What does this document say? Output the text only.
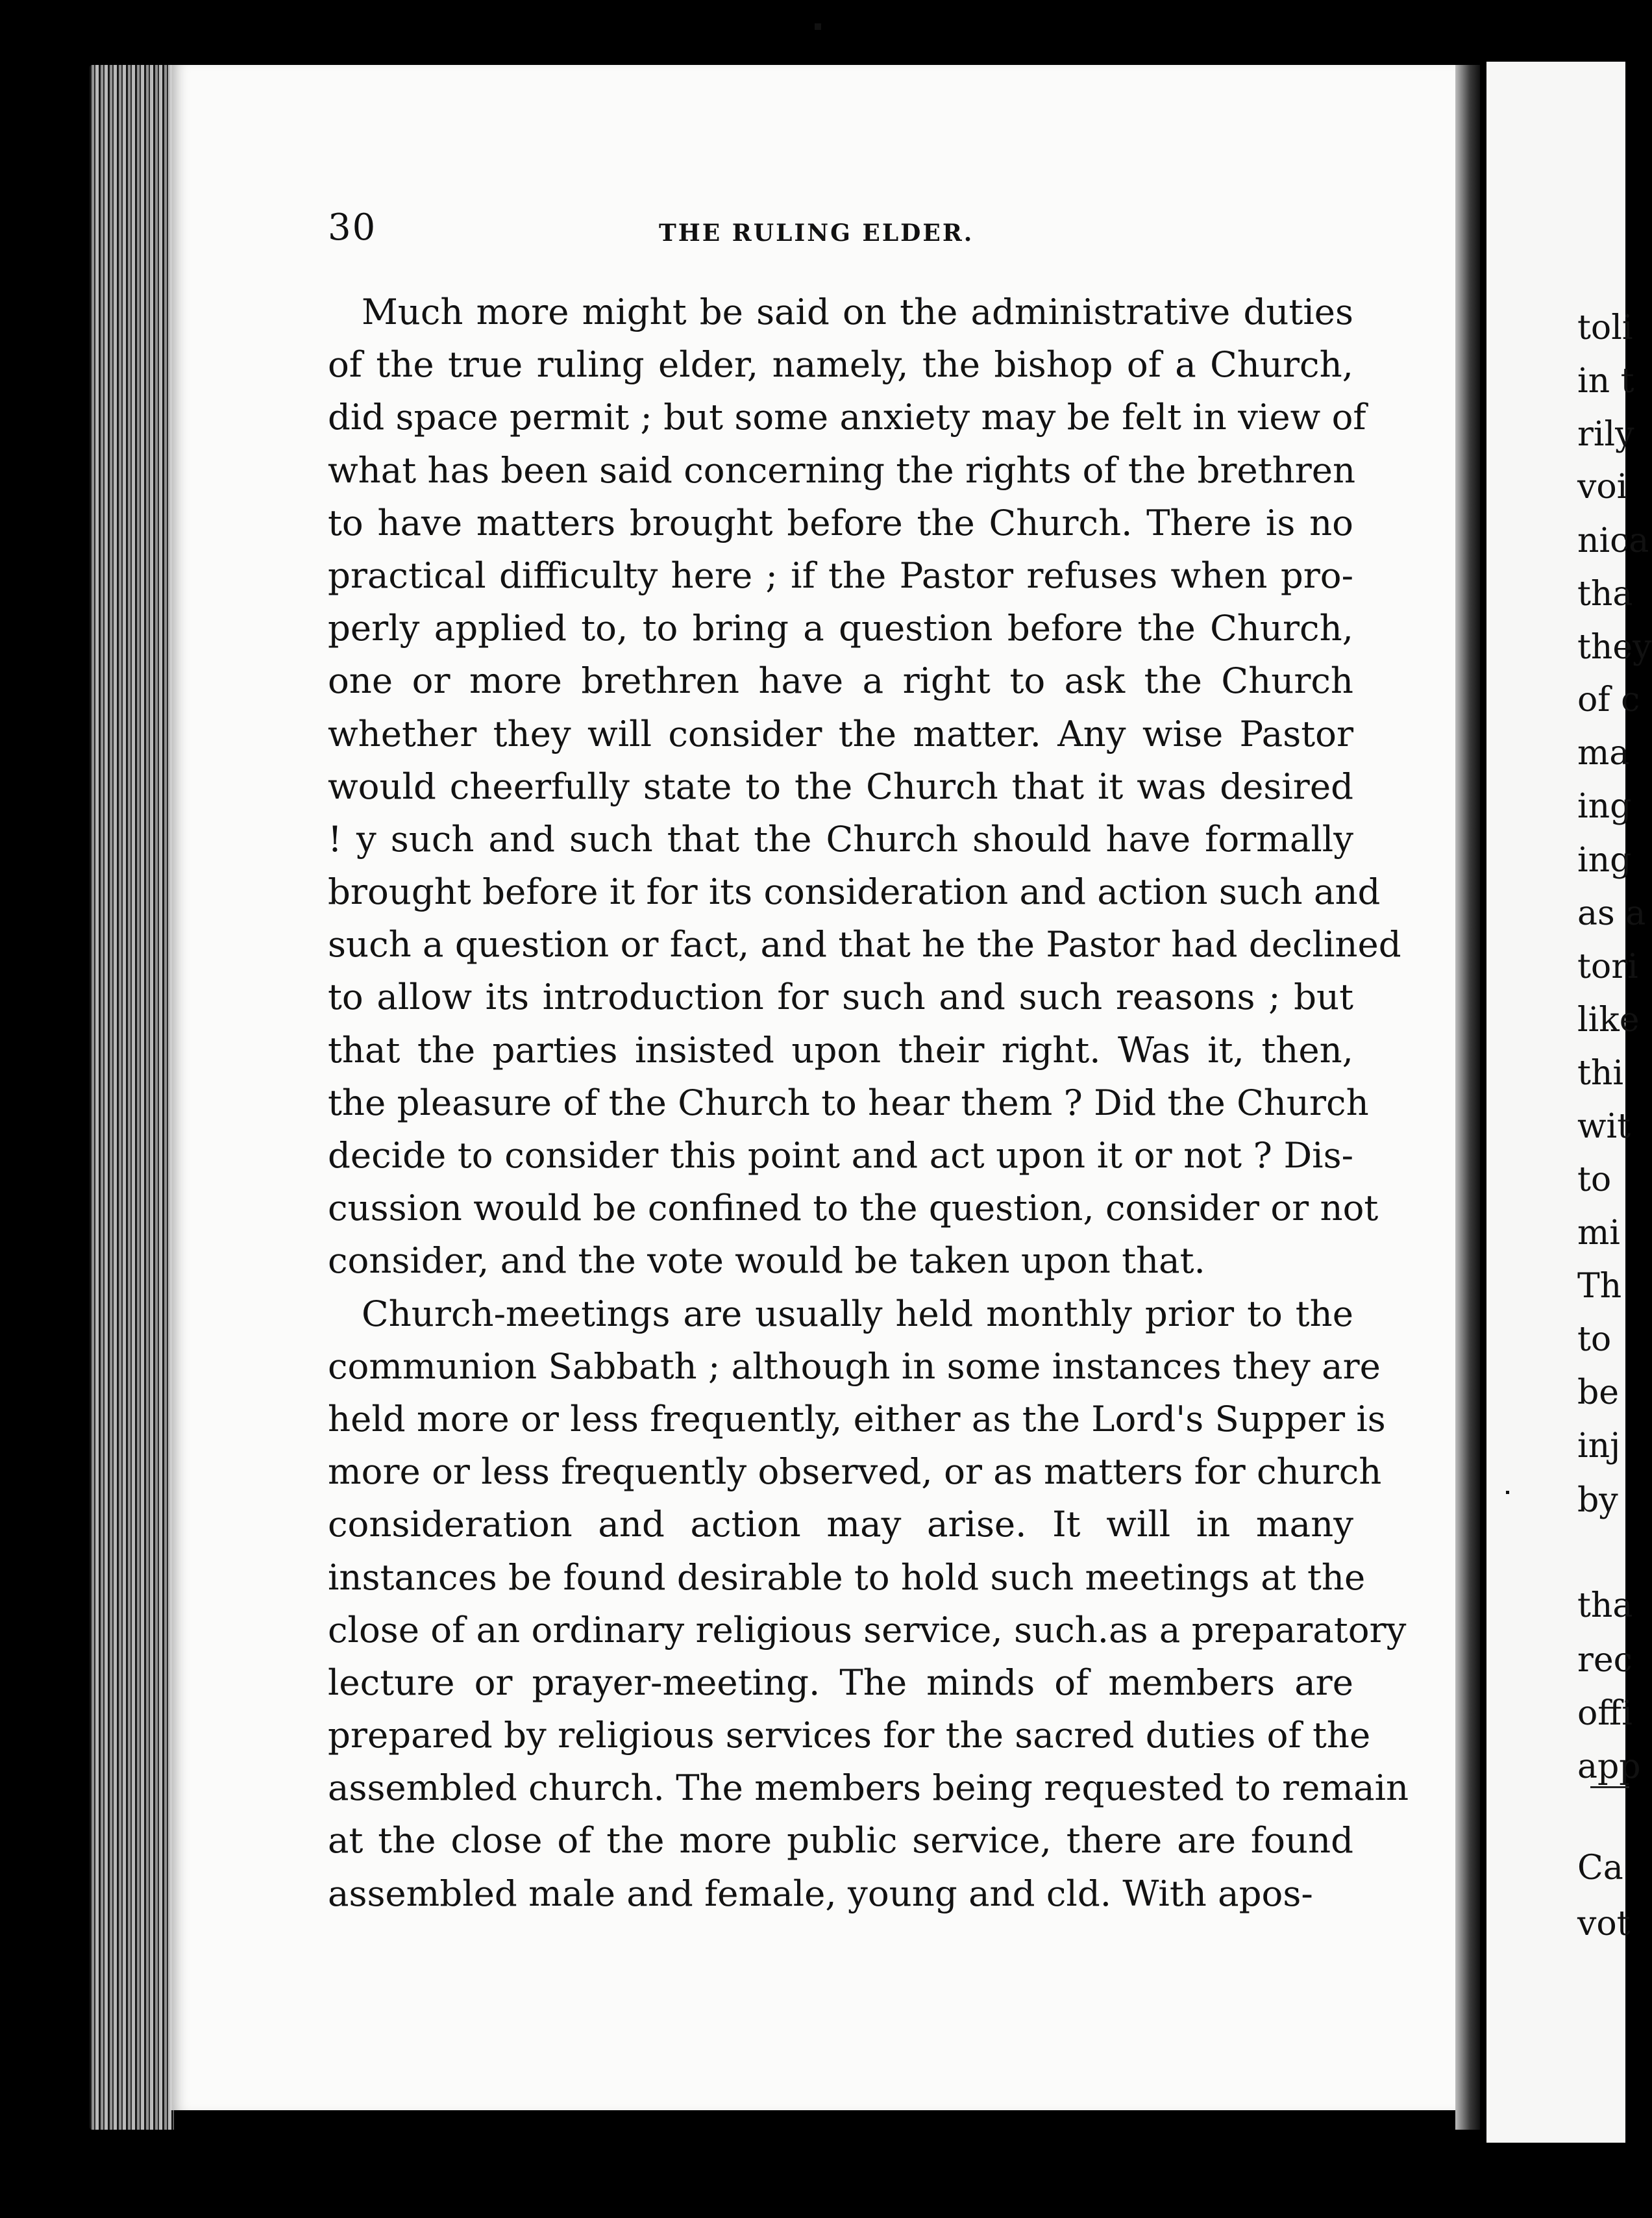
toli
in t
rily
voi
nica
tha
they
of c
ma
ing
ing
as a
tori
like
thi
wit
to
mi
Th
to
be
inj
by
tha
rec
offi
app
Ca
vot
30	THE RULING ELDER.
Much more might be said on the administrative duties
of the true ruling elder, namely, the bishop of a Church,
did space permit ; but some anxiety may be felt in view of
what has been said concerning the rights of the brethren
to have matters brought before the Church. There is no
practical difficulty here ; if the Pastor refuses when pro-
perly applied to, to bring a question before the Church,
one or more brethren have a right to ask the Church
whether they will consider the matter. Any wise Pastor
would cheerfully state to the Church that it was desired
! y such and such that the Church should have formally
brought before it for its consideration and action such and
such a question or fact, and that he the Pastor had declined
to allow its introduction for such and such reasons ; but
that the parties insisted upon their right. Was it, then,
the pleasure of the Church to hear them ? Did the Church
decide to consider this point and act upon it or not ? Dis-
cussion would be confined to the question, consider or not
consider, and the vote would be taken upon that.
Church-meetings are usually held monthly prior to the
communion Sabbath ; although in some instances they are
held more or less frequently, either as the Lord's Supper is
more or less frequently observed, or as matters for church
consideration and action may arise. It will in many
instances be found desirable to hold such meetings at the
close of an ordinary religious service, such.as a preparatory
lecture or prayer-meeting. The minds of members are
prepared by religious services for the sacred duties of the
assembled church. The members being requested to remain
at the close of the more public service, there are found
assembled male and female, young and cld. With apos-
